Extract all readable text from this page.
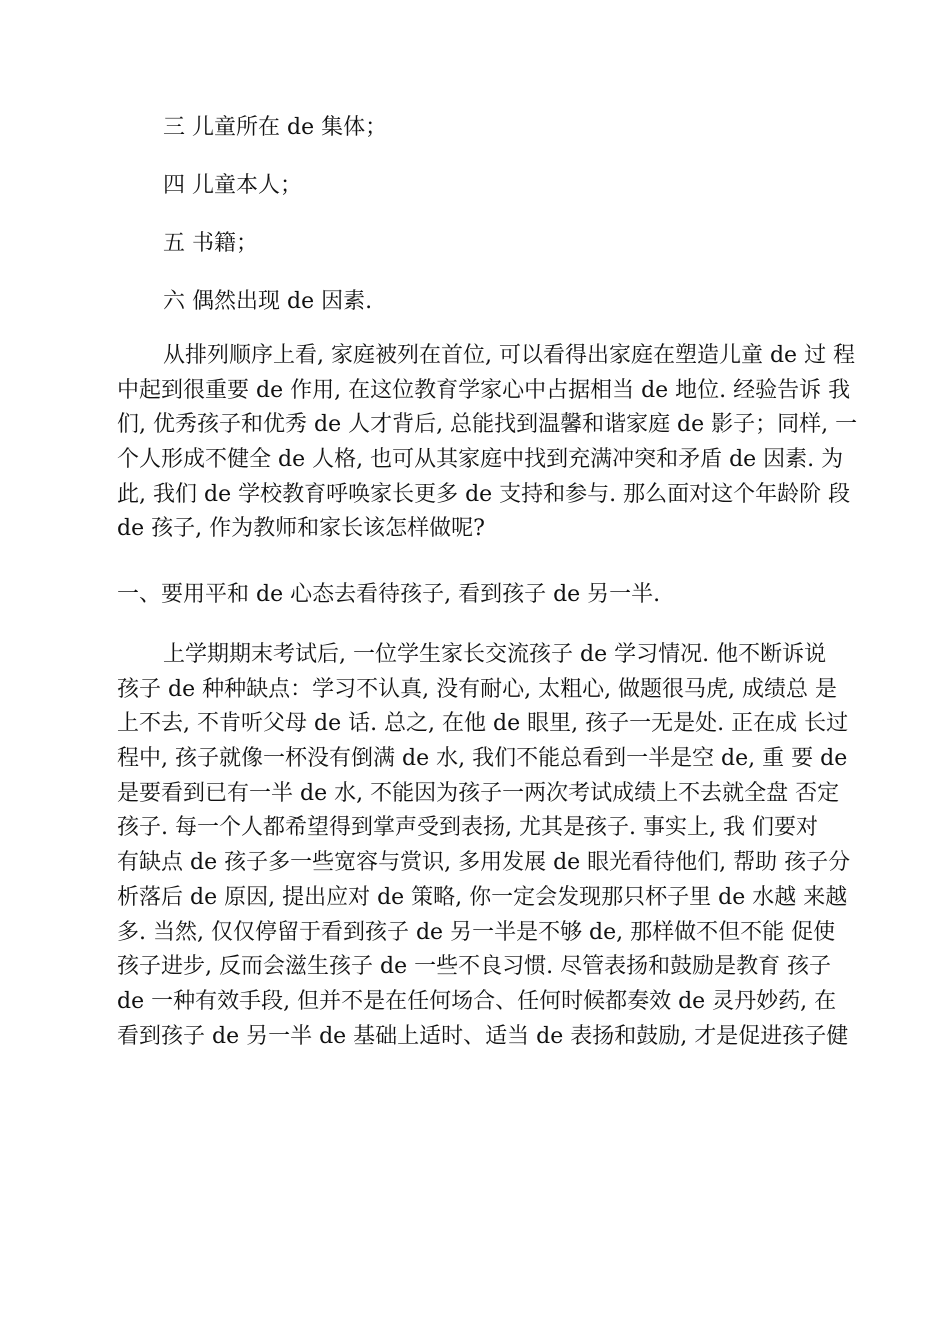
三 儿童所在 de 集体；
四 儿童本人；
五 书籍；
六 偶然出现 de 因素.
从排列顺序上看, 家庭被列在首位, 可以看得出家庭在塑造儿童 de 过 程
中起到很重要 de 作用, 在这位教育学家心中占据相当 de 地位. 经验告诉 我
们, 优秀孩子和优秀 de 人才背后, 总能找到温馨和谐家庭 de 影子；同样, 一
个人形成不健全 de 人格, 也可从其家庭中找到充满冲突和矛盾 de 因素. 为
此, 我们 de 学校教育呼唤家长更多 de 支持和参与. 那么面对这个年龄阶 段
de 孩子, 作为教师和家长该怎样做呢?
一、要用平和 de 心态去看待孩子, 看到孩子 de 另一半.
上学期期末考试后, 一位学生家长交流孩子 de 学习情况. 他不断诉说
孩子 de 种种缺点：学习不认真, 没有耐心, 太粗心, 做题很马虎, 成绩总 是
上不去, 不肯听父母 de 话. 总之, 在他 de 眼里, 孩子一无是处. 正在成 长过
程中, 孩子就像一杯没有倒满 de 水, 我们不能总看到一半是空 de, 重 要 de
是要看到已有一半 de 水, 不能因为孩子一两次考试成绩上不去就全盘 否定
孩子. 每一个人都希望得到掌声受到表扬, 尤其是孩子. 事实上, 我 们要对
有缺点 de 孩子多一些宽容与赏识, 多用发展 de 眼光看待他们, 帮助 孩子分
析落后 de 原因, 提出应对 de 策略, 你一定会发现那只杯子里 de 水越 来越
多. 当然, 仅仅停留于看到孩子 de 另一半是不够 de, 那样做不但不能 促使
孩子进步, 反而会滋生孩子 de 一些不良习惯. 尽管表扬和鼓励是教育 孩子
de 一种有效手段, 但并不是在任何场合、任何时候都奏效 de 灵丹妙药, 在
看到孩子 de 另一半 de 基础上适时、适当 de 表扬和鼓励, 才是促进孩子健
